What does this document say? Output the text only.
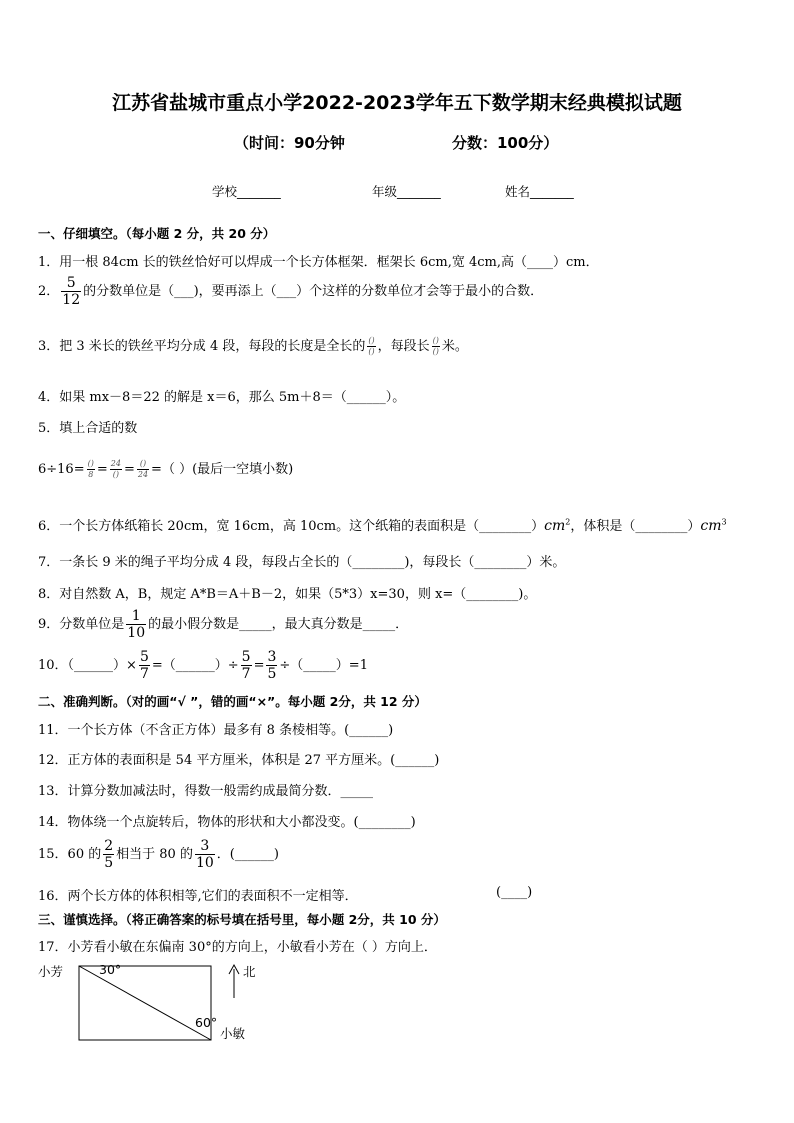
江苏省盐城市重点小学2022-2023学年五下数学期末经典模拟试题
（时间：90分钟	分数：100分）
学校_______	年级_______	姓名_______
一、仔细填空。（每小题 2 分，共 20 分）
1．用一根 84cm 长的铁丝恰好可以焊成一个长方体框架．框架长 6cm,宽 4cm,高（____）cm．
2． $\frac{5}{12}$ 的分数单位是（___)，要再添上（___）个这样的分数单位才会等于最小的合数．
3．把 3 米长的铁丝平均分成 4 段，每段的长度是全长的 $\frac{()}{()}$ ，每段长 $\frac{()}{()}$ 米。
4．如果 mx－8＝22 的解是 x＝6，那么 5m＋8＝（______）。
5．填上合适的数
$6\div 16= \frac{()}{8} = \frac{24}{()} = \frac{()}{24}$ =（ ）(最后一空填小数)
6．一个长方体纸箱长 20cm，宽 16cm，高 10cm。这个纸箱的表面积是$(\_\_\_\_\_\_\_\_)cm^2$，体积是$(\_\_\_\_\_\_\_\_)cm^3$
7．一条长 9 米的绳子平均分成 4 段，每段占全长的（________)，每段长（________）米。
8．对自然数 A，B，规定 A*B＝A＋B－2，如果（5*3）x=30，则 x=（________)。
9．分数单位是 $\frac{1}{10}$ 的最小假分数是_____，最大真分数是_____．
10．（______）× $\frac{5}{7}$ =（______）÷ $\frac{5}{7} = \frac{3}{5}$ ÷（_____）=1
二、准确判断。（对的画“√ ”，错的画“×”。每小题 2分，共 12 分）
11．一个长方体（不含正方体）最多有 8 条棱相等。(______)
12．正方体的表面积是 54 平方厘米，体积是 27 平方厘米。(______)
13．计算分数加减法时，得数一般需约成最简分数．_____
14．物体绕一个点旋转后，物体的形状和大小都没变。(________)
15．60 的 $\frac{2}{5}$ 相当于 80 的 $\frac{3}{10}$ ．(______)
16．两个长方体的体积相等,它们的表面积不一定相等．	(____)
三、谨慎选择。（将正确答案的标号填在括号里，每小题 2分，共 10 分）
17．小芳看小敏在东偏南 30°的方向上，小敏看小芳在（ ）方向上．
小芳	30°	北
60°
小敏
